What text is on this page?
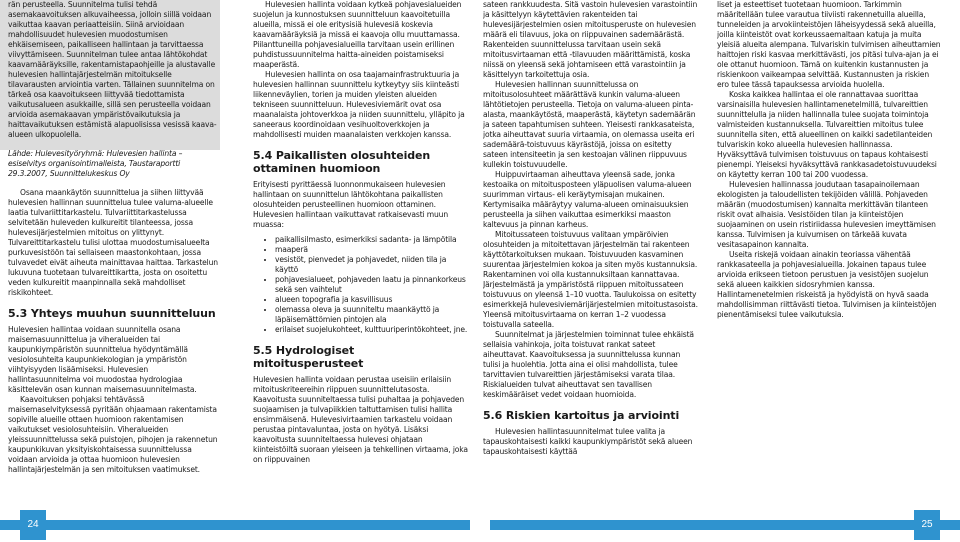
rän perusteella. Suunnitelma tulisi tehdä asemakaavoituksen alkuvaiheessa, jolloin siillä voidaan vaikuttaa kaavan periaatteisiin. Siinä arvioidaan mahdollisuudet hulevesien muodostumisen ehkäisemiseen, paikalliseen hallintaan ja tarvittaessa viivyttämiseen. Suunnitelman tulee antaa lähtökohdat kaavamääräyksille, rakentamistapaohjeille ja alustavalle hulevesien hallintajärjestelmän mitoitukselle tilavarausten arviointia varten. Tällainen suunnitelma on tärkeä osa kaavoitukseen liittyvää tiedottamista vaikutusalueen asukkaille, sillä sen perusteella voidaan arvioida asemakaavan ympäristövaikutuksia ja haittavaikutuksen estämistä alapuolisissa vesissä kaava-alueen ulkopuolella.

Lähde: Hulevesityöryhmä: Hulevesien hallinta – esiselvitys organisointimalleista, Taustaraportti 29.3.2007, Suunnittelukeskus Oy

Osana maankäytön suunnittelua ja siihen liittyvää hulevesien hallinnan suunnittelua tulee valuma-alueelle laatia tulvariittitarkastelu. Tulvariittitarkastelussa selvitetään huleveden kulkureitit tilanteessa, jossa hulevesijärjestelmien mitoitus on ylittynyt. Tulvareittitarkastelu tulisi ulottaa muodostumisalueelta purkuvesistöön tai sellaiseen maastonkohtaan, jossa tulvavedet eivät aiheuta mainittavaa haittaa. Tarkastelun lukuvuna tuotetaan tulvareittikartta, josta on osoitettu veden kulkureitit maanpinnalla sekä mahdolliset riskikohteet.

5.3 Yhteys muuhun suunnitteluun

Hulevesien hallintaa voidaan suunnitella osana maisemasuunnittelua ja viheralueiden tai kaupunkiympäristön suunnittelua hyödyntämällä vesiolosuhteita kaupunkiekologian ja ympäristön viihtyisyyden lisäämiseksi. Hulevesien hallintasuunnitelma voi muodostaa hydrologiaa käsittelevän osan kunnan maisemasuunnitelmasta.

Kaavoituksen pohjaksi tehtävässä maisemaselvityksessä pyritään ohjaamaan rakentamista sopiville alueille ottaen huomioon rakentamisen vaikutukset vesiolosuhteisiin. Viheralueiden yleissuunnittelussa sekä puistojen, pihojen ja rakennetun kaupunkikuvan yksityiskohtaisessa suunnittelussa voidaan arvioida ja ottaa huomioon hulevesien hallintajärjestelmän ja sen mitoituksen vaatimukset.

Hulevesien hallinta voidaan kytkeä pohjavesialueiden suojelun ja kunnostuksen suunnitteluun kaavoitetuilla alueilla, missä ei ole eritysisiä hulevesiä koskevia kaavamääräyksiä ja missä ei kaavoja ollu muuttamassa. Piilanttuneilla pohjavesialueilla tarvitaan usein erillinen puhdistussuunnitelma haitta-aineiden poistamiseksi maaperästä.

Hulevesien hallinta on osa taajamainfrastruktuuria ja hulevesien hallinnan suunnittelu kytkeytyy siis kiinteästi liikenneväylien, torien ja muiden yleisten alueiden tekniseen suunnitteluun. Hulevesiviemärit ovat osa maanalaista johtoverkkoa ja niiden suunnittelu, ylläpito ja saneeraus koordinoidaan vesihuoltoverkkojen ja mahdollisesti muiden maanalaisten verkkojen kanssa.

5.4 Paikallisten olosuhteiden ottaminen huomioon

Erityisesti pyrittäessä luonnonmukaiseen hulevesien hallintaan on suunnittelun lähtökohtana paikallisten olosuhteiden perusteellinen huomioon ottaminen. Hulevesien hallintaan vaikuttavat ratkaisevasti muun muassa:

• paikallisilmasto, esimerkiksi sadanta- ja lämpötila
• maaperä
• vesistöt, pienvedet ja pohjavedet, niiden tila ja käyttö
• pohjavesialueet, pohjaveden laatu ja pinnankorkeus sekä sen vaihtelut
• alueen topografia ja kasvillisuus
• olemassa oleva ja suunniteltu maankäyttö ja läpäisemättömien pintojen ala
• erilaiset suojelukohteet, kulttuuriperintökohteet, jne.
5.5 Hydrologiset mitoitusperusteet

Hulevesien hallinta voidaan perustaa useisiin erilaisiin mitoituskriteereihin riippuen suunnittelutasosta. Kaavoitusta suunniteltaessa tulisi puhaltaa ja pohjaveden suojaamisen ja tulvapiikkien taltuttamisen tulisi hallita ensimmäisenä. Hulevesivirtaamien tarkastelu voidaan perustaa pintavaluntaa, josta on hyötyä. Lisäksi kaavoitusta suunniteltaessa hulevesi ohjataan kiinteistöiltä suoraan yleiseen ja tehkellinen virtaama, joka on riippuvainen

sateen rankkuudesta. Sitä vastoin hulevesien varastointiin ja käsittelyyn käytettävien rakenteiden tai hulevesijärjestelmien osien mitoitusperuste on hulevesien määrä eli tilavuus, joka on riippuvainen sademäärästä. Rakenteiden suunnittelussa tarvitaan usein sekä mitoitusvirtaaman että -tilavuuden määrittämistä, koska niissä on yleensä sekä johtamiseen että varastointiin ja käsittelyyn tarkoitettuja osia.

Hulevesien hallinnan suunnittelussa on mitoitusolosuhteet määrättävä kunkin valuma-alueen lähtötietojen perusteella. Tietoja on valuma-alueen pinta-alasta, maankäytöstä, maaperästä, käytetyn sademäärän ja sateen tapahtumisen suhteen. Yleisesti rankkasateista, jotka aiheuttavat suuria virtaamia, on olemassa useita eri sademäärä-toistuvuus käyrästöjä, joissa on esitetty sateen intensiteetin ja sen kestoajan välinen riippuvuus kullekin toistuvuudelle.

Huippuvirtaaman aiheuttava yleensä sade, jonka kestoaika on mitoitusposteen yläpuolisen valuma-alueen suurimman virtaus- eli keräytymisajan mukainen. Kertymisaika määräytyy valuma-alueen ominaisuuksien perusteella ja siihen vaikuttaa esimerkiksi maaston kaltevuus ja pinnan karheus.

Mitoitussateen toistuvuus valitaan ympäröivien olosuhteiden ja mitoitettavan järjestelmän tai rakenteen käyttötarkoituksen mukaan. Toistuvuuden kasvaminen suurentaa järjestelmien kokoa ja siten myös kustannuksia. Rakentaminen voi olla kustannuksiltaan kannattavaa. Järjestelmästä ja ympäristöstä riippuen mitoitussateen toistuvuus on yleensä 1–10 vuotta. Taulukoissa on esitetty esimerkkejä hulevesiviemärijärjestelmien mitoitustasoista. Yleensä mitoitusvirtaama on kerran 1–2 vuodessa toistuvalla sateella.

Suunnitelmat ja järjestelmien toiminnat tulee ehkäistä sellaisia vahinkoja, joita toistuvat rankat sateet aiheuttavat. Kaavoituksessa ja suunnittelussa kunnan tulisi ja huolehtia. Jotta aina ei olisi mahdollista, tulee tarvittavien tulvareittien järjestämiseksi varata tilaa. Riskialueiden tulvat aiheuttavat sen tavallisen keskimääräiset vedet voidaan huomioida.

5.6 Riskien kartoitus ja arviointi

Hulevesien hallintasuunnitelmat tulee valita ja tapauskohtaisesti kaikki kaupunkiympäristöt sekä alueen tapauskohtaisesti käyttää

liset ja esteettiset tuotetaan huomioon. Tarkimmin määritellään tulee varautua tiiviisti rakennetuilla alueilla, tunneleiden ja arvokiinteistöjen läheisyydessä sekä alueilla, joilla kiinteistöt ovat korkeussaemaltaan katuja ja muita yleisiä alueita alempana. Tulvariskin tulvimisen aiheuttamien haittojen riski kasvaa merkittävästi, jos pitäsi tulva-ajan ja ei ole ottanut huomioon. Tämä on kuitenkin kustannusten ja riskienkoon vaikeampaa selvittää. Kustannusten ja riskien ero tulee tässä tapauksessa arvioida huolella.

Koska kaikkea hallintaa ei ole rannattavaa suorittaa varsinaisilla hulevesien hallintamenetelmillä, tulvareittien suunnittelulla ja niiden hallinnalla tulee suojata toimintoja valmisteiden kustannuksella. Tulvareittien mitoitus tulee suunnitella siten, että alueellinen on kaikki sadetilanteiden tulvariskin koko alueella hulevesien hallinnassa. Hyväksyttävä tulvimisen toistuvuus on tapaus kohtaisesti pienempi. Yleiseksi hyväksyttävä rankkasadetoistuvuudeksi on käytetty kerran 100 tai 200 vuodessa.

Hulevesien hallinnassa joudutaan tasapainoilemaan ekologisten ja taloudellisten tekijöiden välillä. Pohjaveden määrän (muodostumisen) kannalta merkittävän tilanteen riskit ovat alhaisia. Vesistöiden tilan ja kiinteistöjen suojaaminen on usein ristiriidassa hulevesien imeyttämisen kanssa. Tulvimisen ja kuivumisen on tärkeää kuvata vesitasapainon kannalta.

Useita riskejä voidaan ainakin teoriassa vähentää rankkasateella ja pohjavesialueilla. Jokainen tapaus tulee arvioida erikseen tietoon perustuen ja vesistöjen suojelun sekä alueen kaikkien sidosryhmien kanssa. Hallintamenetelmien riskeistä ja hyödyistä on hyvä saada mahdollisimman riittävästi tietoa. Tulvimisen ja kiinteistöjen pienentämiseksi tulee vaikutuksia.

24	25
